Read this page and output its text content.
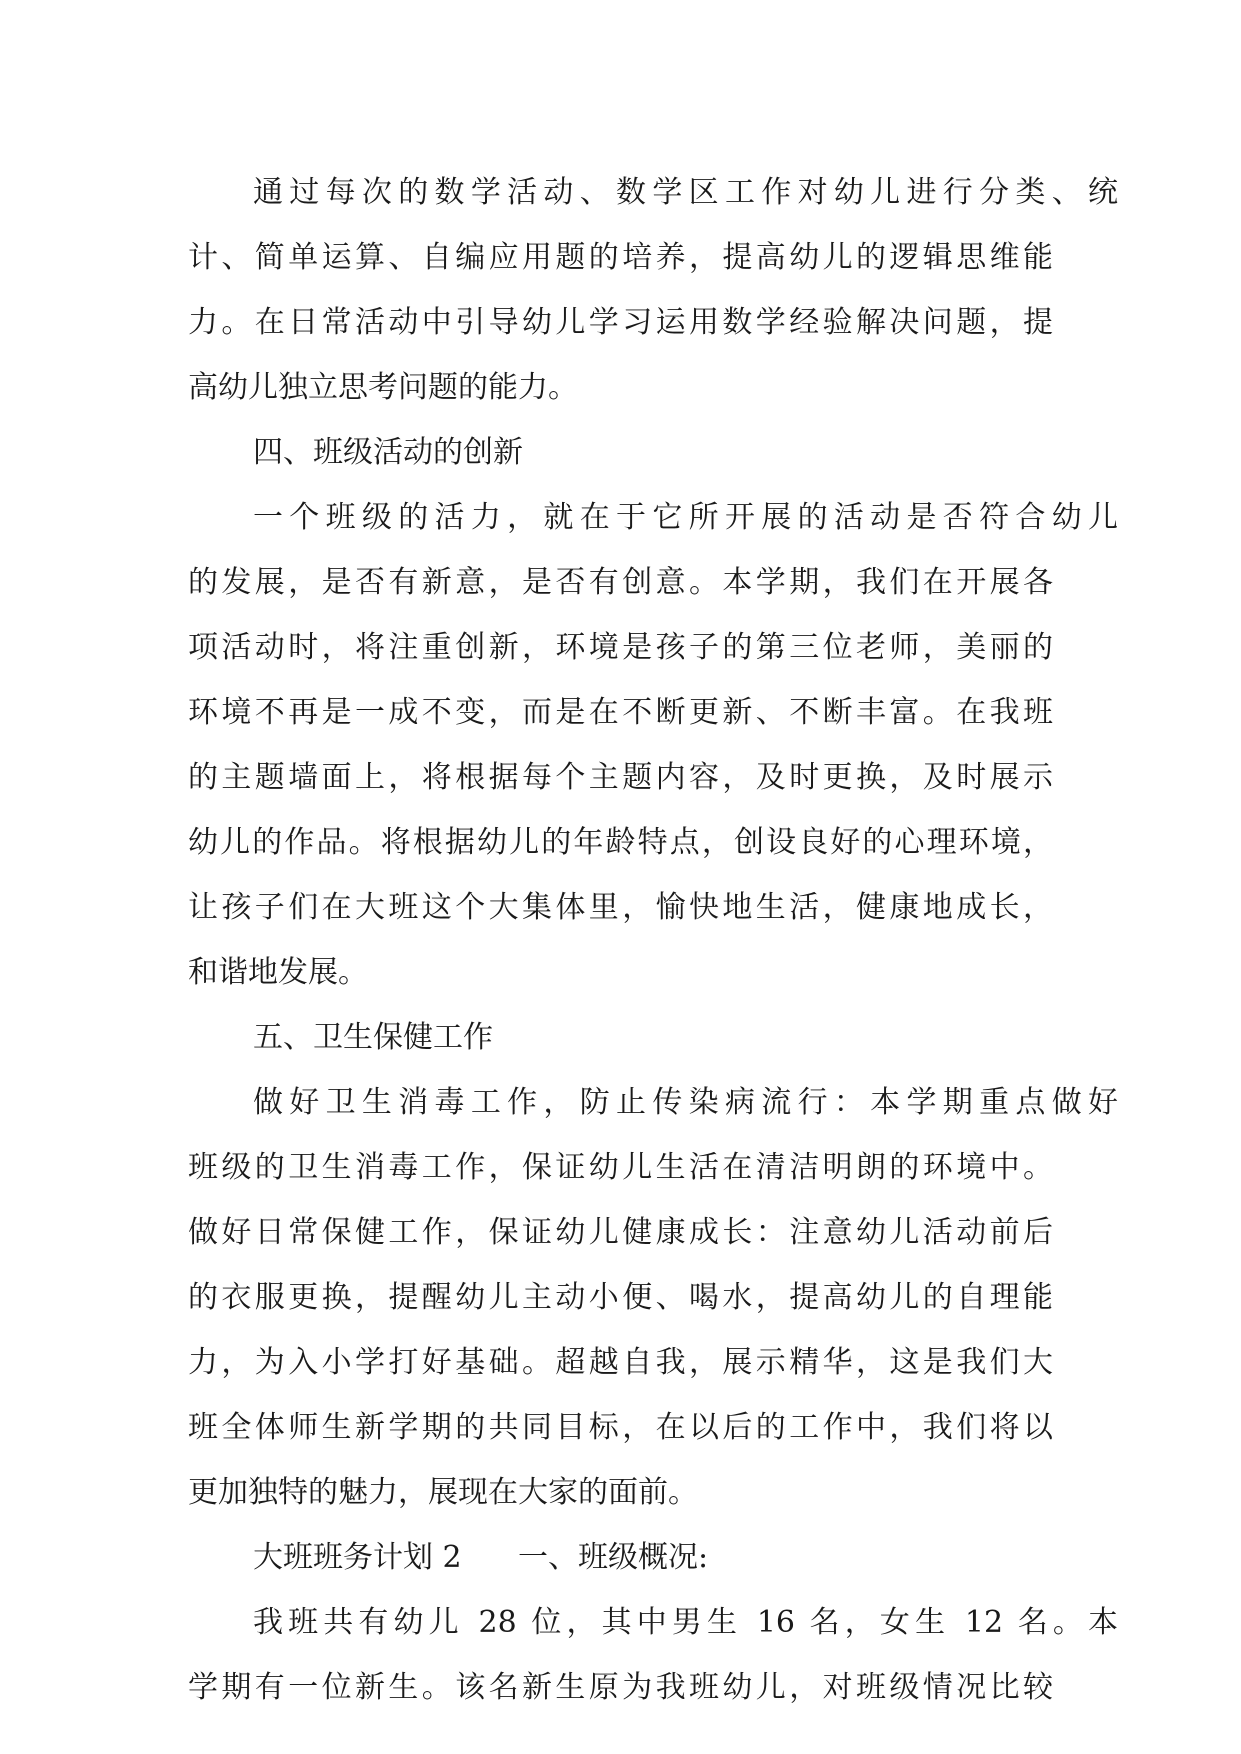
通过每次的数学活动、数学区工作对幼儿进行分类、统
计、简单运算、自编应用题的培养，提高幼儿的逻辑思维能
力。在日常活动中引导幼儿学习运用数学经验解决问题，提
高幼儿独立思考问题的能力。
四、班级活动的创新
一个班级的活力，就在于它所开展的活动是否符合幼儿
的发展，是否有新意，是否有创意。本学期，我们在开展各
项活动时，将注重创新，环境是孩子的第三位老师，美丽的
环境不再是一成不变，而是在不断更新、不断丰富。在我班
的主题墙面上，将根据每个主题内容，及时更换，及时展示
幼儿的作品。将根据幼儿的年龄特点，创设良好的心理环境，
让孩子们在大班这个大集体里，愉快地生活，健康地成长，
和谐地发展。
五、卫生保健工作
做好卫生消毒工作，防止传染病流行：本学期重点做好
班级的卫生消毒工作，保证幼儿生活在清洁明朗的环境中。
做好日常保健工作，保证幼儿健康成长：注意幼儿活动前后
的衣服更换，提醒幼儿主动小便、喝水，提高幼儿的自理能
力，为入小学打好基础。超越自我，展示精华，这是我们大
班全体师生新学期的共同目标，在以后的工作中，我们将以
更加独特的魅力，展现在大家的面前。
大班班务计划 2	一、班级概况:
我班共有幼儿 28 位，其中男生 16 名，女生 12 名。本
学期有一位新生。该名新生原为我班幼儿，对班级情况比较
